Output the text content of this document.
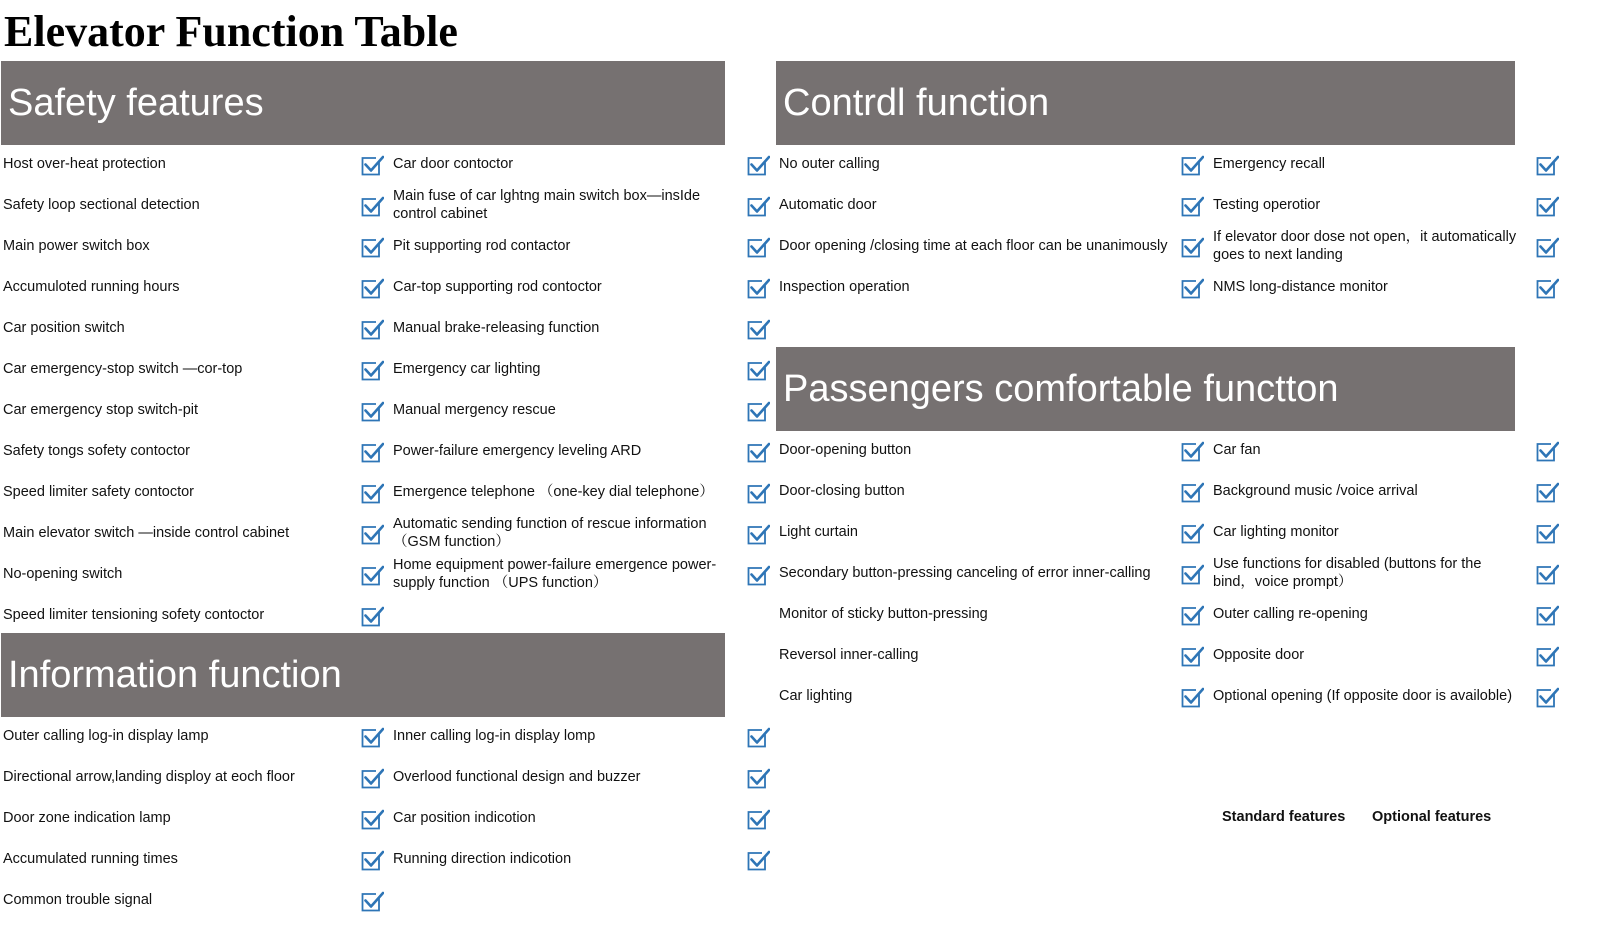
Elevator Function Table
Safety features
Host over-heat protection
Safety loop sectional detection
Main power switch box
Accumuloted running hours
Car position switch
Car emergency-stop switch —cor-top
Car emergency stop switch-pit
Safety tongs sofety contoctor
Speed limiter safety contoctor
Main elevator switch —inside control cabinet
No-opening switch
Speed limiter tensioning sofety contoctor
Car door contoctor
Main fuse of car lghtng main switch box—insIde control cabinet
Pit supporting rod contactor
Car-top supporting rod contoctor
Manual brake-releasing function
Emergency car lighting
Manual mergency rescue
Power-failure emergency leveling ARD
Emergence telephone （one-key dial telephone）
Automatic sending function of rescue information （GSM function）
Home equipment power-failure emergence power-supply function （UPS function）
Information function
Outer calling log-in display lamp
Directional arrow,landing disploy at eoch floor
Door zone indication lamp
Accumulated running times
Common trouble signal
Inner calling log-in display lomp
Overlood functional design and buzzer
Car position indicotion
Running direction indicotion
Contrdl function
No outer calling
Automatic door
Door opening /closing time at each floor can be unanimously
Inspection operation
Emergency recall
Testing operotior
If elevator door dose not open，it automatically goes to next landing
NMS long-distance monitor
Passengers comfortable functton
Door-opening button
Door-closing button
Light curtain
Secondary button-pressing canceling of error inner-calling
Monitor of sticky button-pressing
Reversol inner-calling
Car lighting
Car fan
Background music /voice arrival
Car lighting monitor
Use functions for disabled (buttons for the bind，voice prompt）
Outer calling re-opening
Opposite door
Optional opening (If opposite door is availoble)
Standard features Optional features
